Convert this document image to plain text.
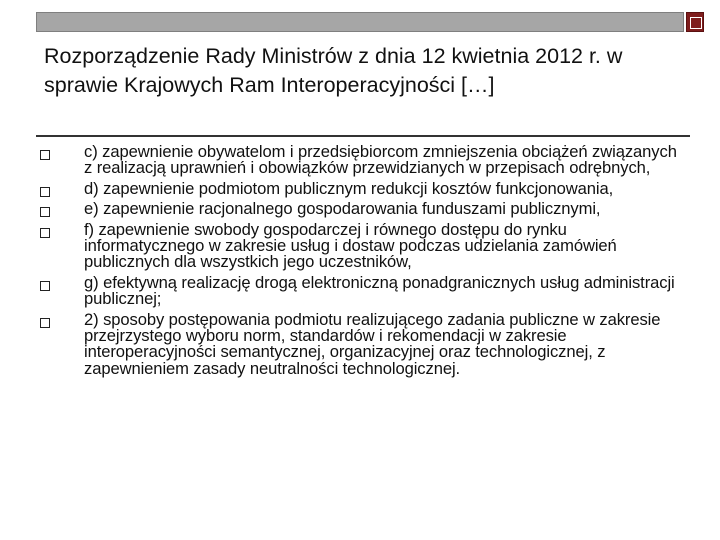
Rozporządzenie Rady Ministrów z dnia 12 kwietnia 2012 r. w sprawie Krajowych Ram Interoperacyjności […]
c) zapewnienie obywatelom i przedsiębiorcom zmniejszenia obciążeń związanych z realizacją uprawnień i obowiązków przewidzianych w przepisach odrębnych,
d) zapewnienie podmiotom publicznym redukcji kosztów funkcjonowania,
e) zapewnienie racjonalnego gospodarowania funduszami publicznymi,
f) zapewnienie swobody gospodarczej i równego dostępu do rynku informatycznego w zakresie usług i dostaw podczas udzielania zamówień publicznych dla wszystkich jego uczestników,
g) efektywną realizację drogą elektroniczną ponadgranicznych usług administracji publicznej;
2) sposoby postępowania podmiotu realizującego zadania publiczne w zakresie przejrzystego wyboru norm, standardów i rekomendacji w zakresie interoperacyjności semantycznej, organizacyjnej oraz technologicznej, z zapewnieniem zasady neutralności technologicznej.
